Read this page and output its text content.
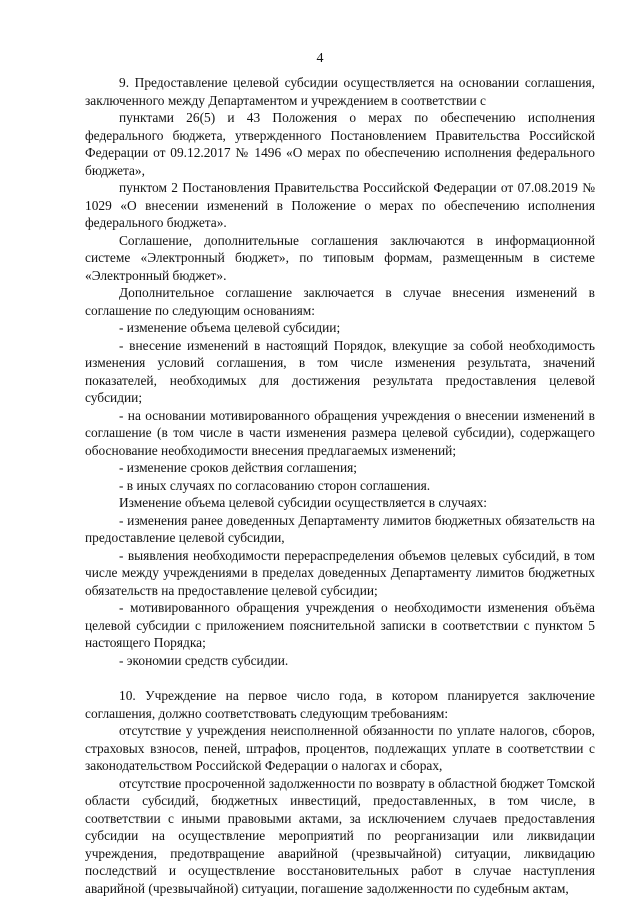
4

9. Предоставление целевой субсидии осуществляется на основании соглашения, заключенного между Департаментом и учреждением в соответствии с

пунктами 26(5) и 43 Положения о мерах по обеспечению исполнения федерального бюджета, утвержденного Постановлением Правительства Российской Федерации от 09.12.2017 № 1496 «О мерах по обеспечению исполнения федерального бюджета»,

пунктом 2 Постановления Правительства Российской Федерации от 07.08.2019 № 1029 «О внесении изменений в Положение о мерах по обеспечению исполнения федерального бюджета».

Соглашение, дополнительные соглашения заключаются в информационной системе «Электронный бюджет», по типовым формам, размещенным в системе «Электронный бюджет».

Дополнительное соглашение заключается в случае внесения изменений в соглашение по следующим основаниям:

- изменение объема целевой субсидии;

- внесение изменений в настоящий Порядок, влекущие за собой необходимость изменения условий соглашения, в том числе изменения результата, значений показателей, необходимых для достижения результата предоставления целевой субсидии;

- на основании мотивированного обращения учреждения о внесении изменений в соглашение (в том числе в части изменения размера целевой субсидии), содержащего обоснование необходимости внесения предлагаемых изменений;

- изменение сроков действия соглашения;

- в иных случаях по согласованию сторон соглашения.

Изменение объема целевой субсидии осуществляется в случаях:

- изменения ранее доведенных Департаменту лимитов бюджетных обязательств на предоставление целевой субсидии,

- выявления необходимости перераспределения объемов целевых субсидий, в том числе между учреждениями в пределах доведенных Департаменту лимитов бюджетных обязательств на предоставление целевой субсидии;

- мотивированного обращения учреждения о необходимости изменения объёма целевой субсидии с приложением пояснительной записки в соответствии с пунктом 5 настоящего Порядка;

- экономии средств субсидии.

10. Учреждение на первое число года, в котором планируется заключение соглашения, должно соответствовать следующим требованиям:

отсутствие у учреждения неисполненной обязанности по уплате налогов, сборов, страховых взносов, пеней, штрафов, процентов, подлежащих уплате в соответствии с законодательством Российской Федерации о налогах и сборах,

отсутствие просроченной задолженности по возврату в областной бюджет Томской области субсидий, бюджетных инвестиций, предоставленных, в том числе, в соответствии с иными правовыми актами, за исключением случаев предоставления субсидии на осуществление мероприятий по реорганизации или ликвидации учреждения, предотвращение аварийной (чрезвычайной) ситуации, ликвидацию последствий и осуществление восстановительных работ в случае наступления аварийной (чрезвычайной) ситуации, погашение задолженности по судебным актам,
